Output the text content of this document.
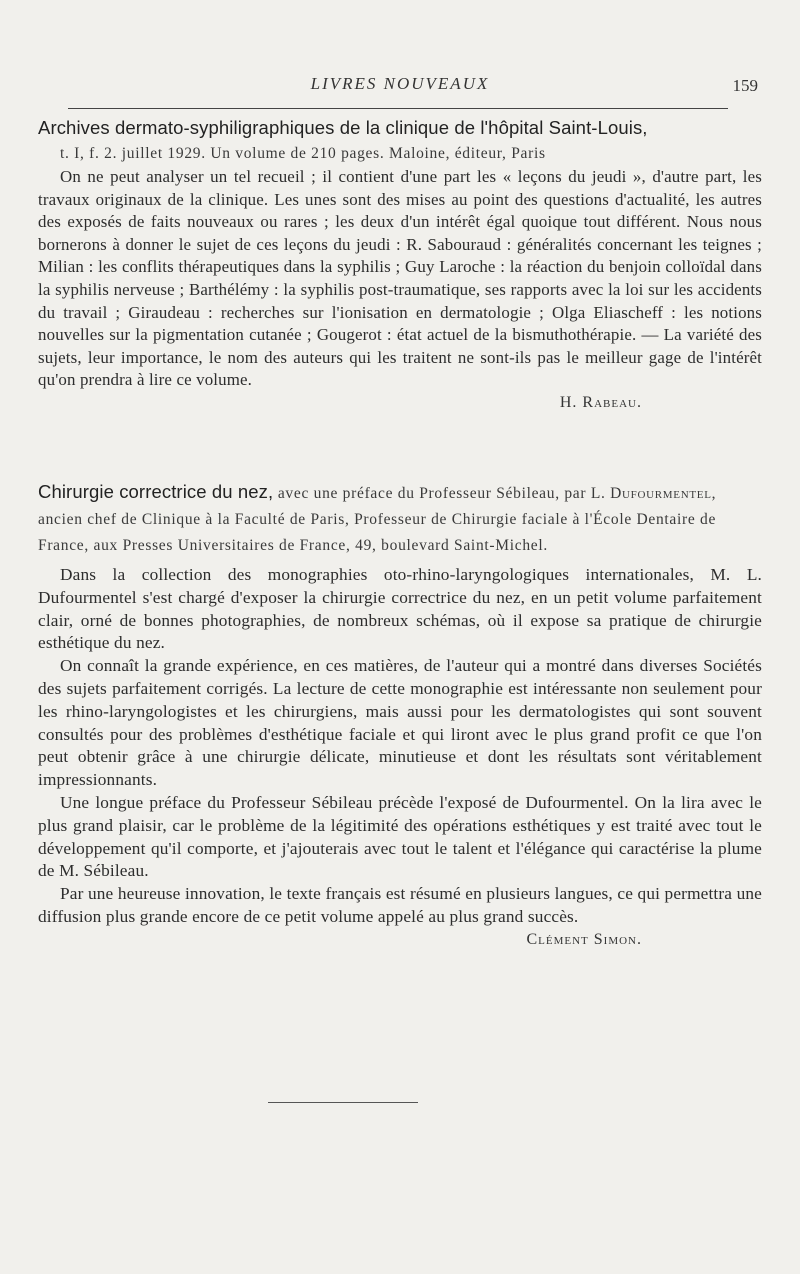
LIVRES NOUVEAUX	159

Archives dermato-syphiligraphiques de la clinique de l'hôpital Saint-Louis,
t. I, f. 2. juillet 1929. Un volume de 210 pages. Maloine, éditeur, Paris

On ne peut analyser un tel recueil ; il contient d'une part les « leçons du jeudi », d'autre part, les travaux originaux de la clinique. Les unes sont des mises au point des questions d'actualité, les autres des exposés de faits nouveaux ou rares ; les deux d'un intérêt égal quoique tout différent. Nous nous bornerons à donner le sujet de ces leçons du jeudi : R. Sabouraud : généralités concernant les teignes ; Milian : les conflits thérapeutiques dans la syphilis ; Guy Laroche : la réaction du benjoin colloïdal dans la syphilis nerveuse ; Barthélémy : la syphilis post-traumatique, ses rapports avec la loi sur les accidents du travail ; Giraudeau : recherches sur l'ionisation en dermatologie ; Olga Eliascheff : les notions nouvelles sur la pigmentation cutanée ; Gougerot : état actuel de la bismuthothérapie. — La variété des sujets, leur importance, le nom des auteurs qui les traitent ne sont-ils pas le meilleur gage de l'intérêt qu'on prendra à lire ce volume.

H. Rabeau.

Chirurgie correctrice du nez, avec une préface du Professeur Sébileau, par L. Dufourmentel, ancien chef de Clinique à la Faculté de Paris, Professeur de Chirurgie faciale à l'École Dentaire de France, aux Presses Universitaires de France, 49, boulevard Saint-Michel.

Dans la collection des monographies oto-rhino-laryngologiques internationales, M. L. Dufourmentel s'est chargé d'exposer la chirurgie correctrice du nez, en un petit volume parfaitement clair, orné de bonnes photographies, de nombreux schémas, où il expose sa pratique de chirurgie esthétique du nez.

On connaît la grande expérience, en ces matières, de l'auteur qui a montré dans diverses Sociétés des sujets parfaitement corrigés. La lecture de cette monographie est intéressante non seulement pour les rhino-laryngologistes et les chirurgiens, mais aussi pour les dermatologistes qui sont souvent consultés pour des problèmes d'esthétique faciale et qui liront avec le plus grand profit ce que l'on peut obtenir grâce à une chirurgie délicate, minutieuse et dont les résultats sont véritablement impressionnants.

Une longue préface du Professeur Sébileau précède l'exposé de Dufourmentel. On la lira avec le plus grand plaisir, car le problème de la légitimité des opérations esthétiques y est traité avec tout le développement qu'il comporte, et j'ajouterais avec tout le talent et l'élégance qui caractérise la plume de M. Sébileau.

Par une heureuse innovation, le texte français est résumé en plusieurs langues, ce qui permettra une diffusion plus grande encore de ce petit volume appelé au plus grand succès.

Clément Simon.
